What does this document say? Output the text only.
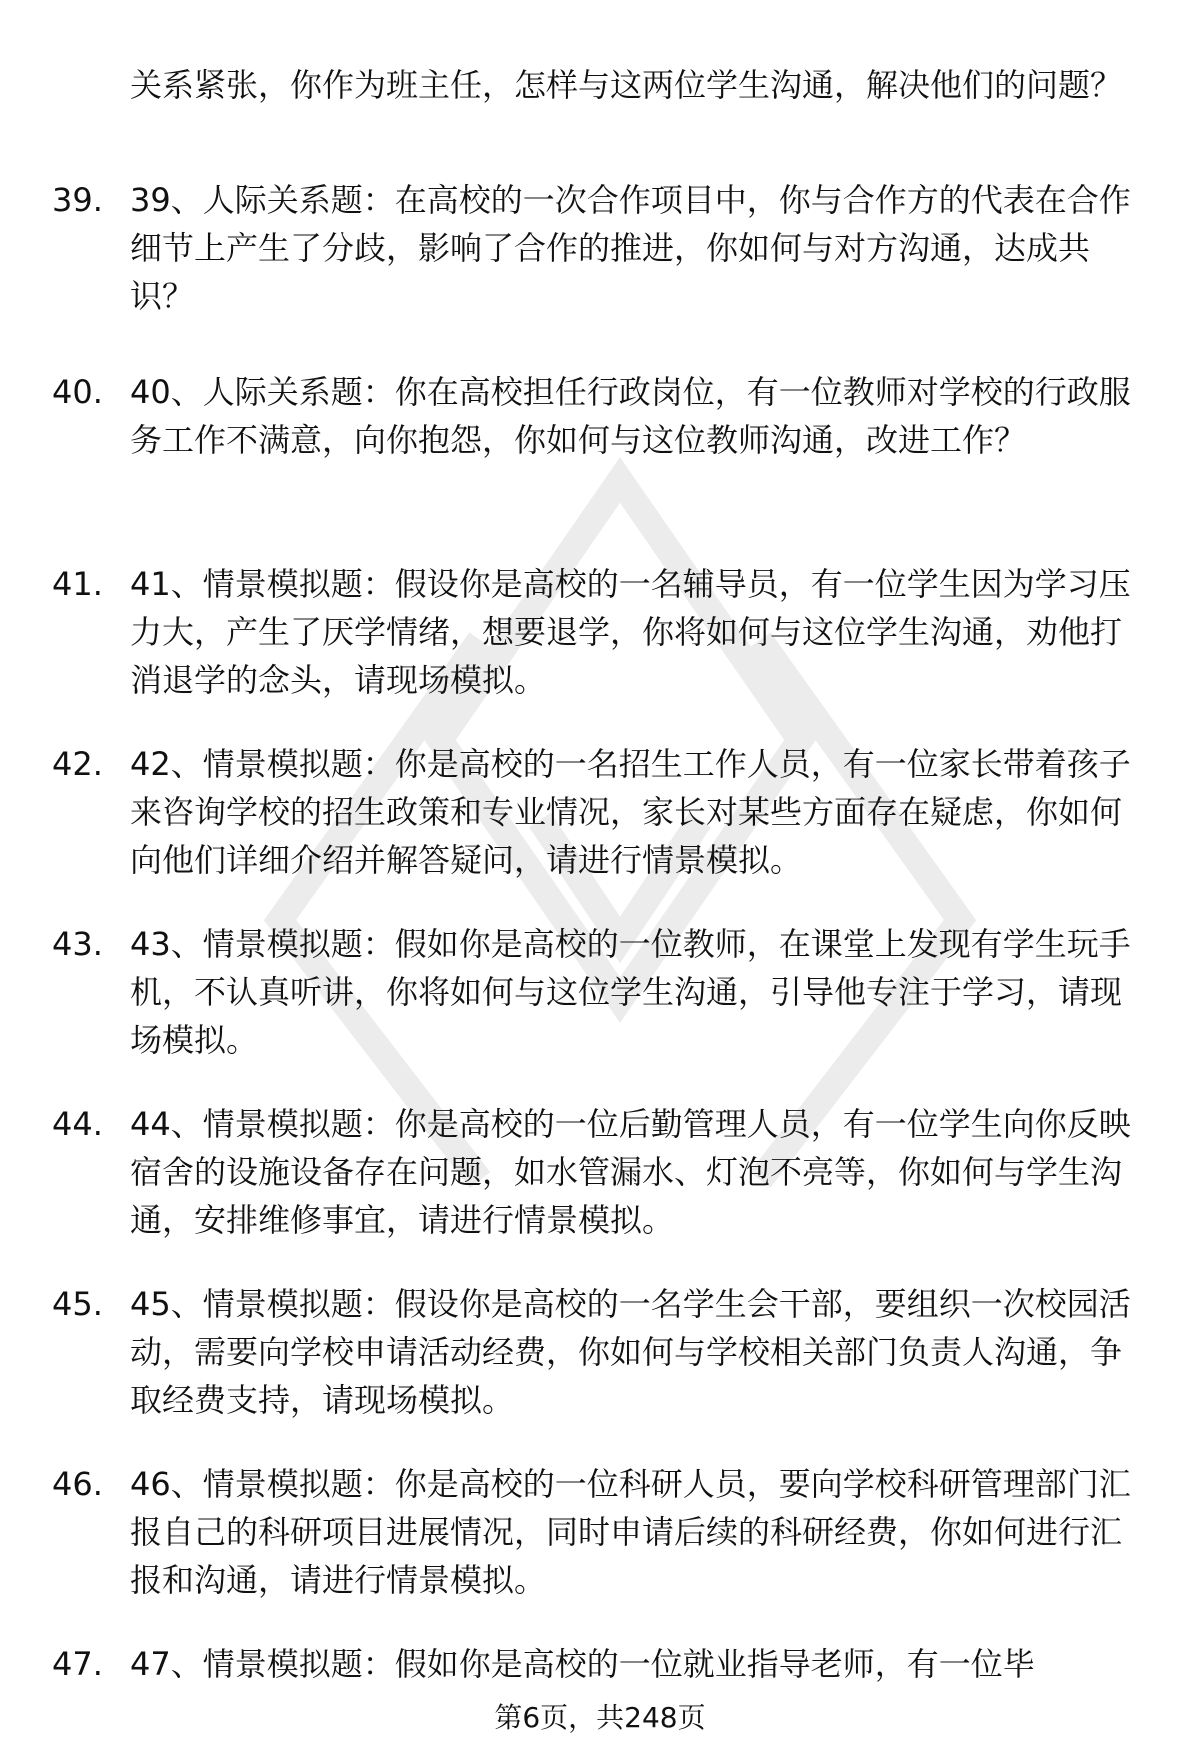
关系紧张，你作为班主任，怎样与这两位学生沟通，解决他们的问题？
39. 39、人际关系题：在高校的一次合作项目中，你与合作方的代表在合作细节上产生了分歧，影响了合作的推进，你如何与对方沟通，达成共识？
40. 40、人际关系题：你在高校担任行政岗位，有一位教师对学校的行政服务工作不满意，向你抱怨，你如何与这位教师沟通，改进工作？
41. 41、情景模拟题：假设你是高校的一名辅导员，有一位学生因为学习压力大，产生了厌学情绪，想要退学，你将如何与这位学生沟通，劝他打消退学的念头，请现场模拟。
42. 42、情景模拟题：你是高校的一名招生工作人员，有一位家长带着孩子来咨询学校的招生政策和专业情况，家长对某些方面存在疑虑，你如何向他们详细介绍并解答疑问，请进行情景模拟。
43. 43、情景模拟题：假如你是高校的一位教师，在课堂上发现有学生玩手机，不认真听讲，你将如何与这位学生沟通，引导他专注于学习，请现场模拟。
44. 44、情景模拟题：你是高校的一位后勤管理人员，有一位学生向你反映宿舍的设施设备存在问题，如水管漏水、灯泡不亮等，你如何与学生沟通，安排维修事宜，请进行情景模拟。
45. 45、情景模拟题：假设你是高校的一名学生会干部，要组织一次校园活动，需要向学校申请活动经费，你如何与学校相关部门负责人沟通，争取经费支持，请现场模拟。
46. 46、情景模拟题：你是高校的一位科研人员，要向学校科研管理部门汇报自己的科研项目进展情况，同时申请后续的科研经费，你如何进行汇报和沟通，请进行情景模拟。
47. 47、情景模拟题：假如你是高校的一位就业指导老师，有一位毕
第6页，共248页
